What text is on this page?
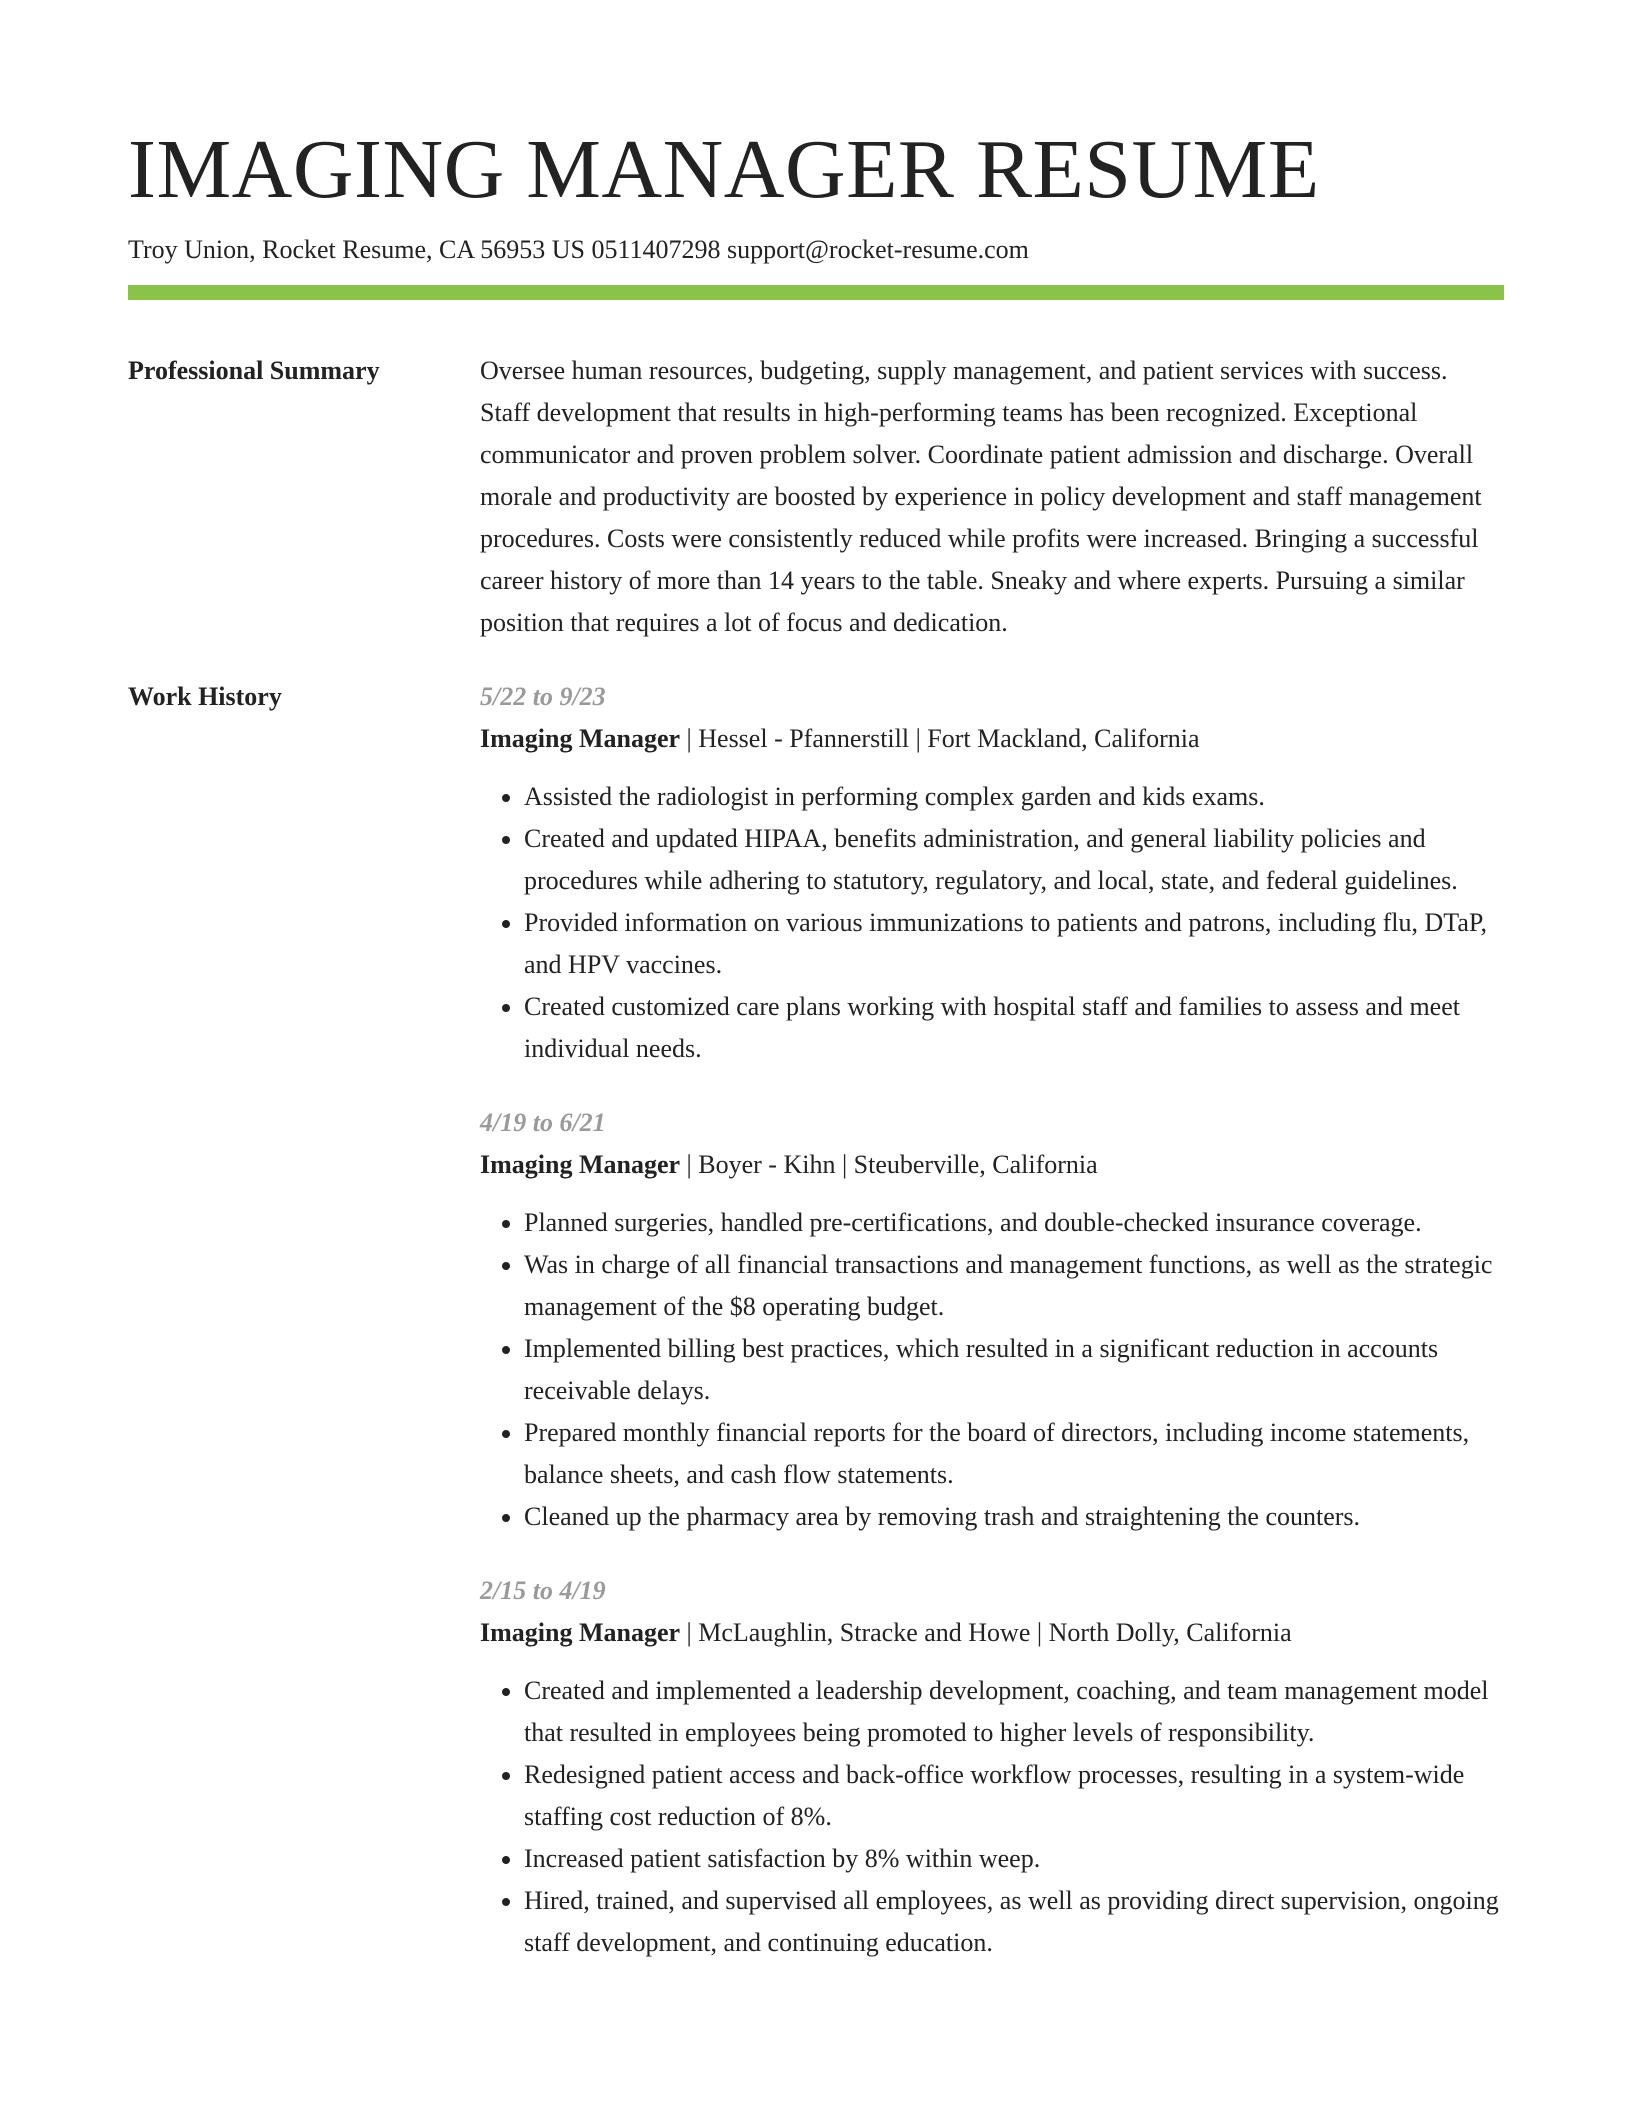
IMAGING MANAGER RESUME
Troy Union, Rocket Resume, CA 56953 US 0511407298 support@rocket-resume.com
Professional Summary	Oversee human resources, budgeting, supply management, and patient services with success. Staff development that results in high-performing teams has been recognized. Exceptional communicator and proven problem solver. Coordinate patient admission and discharge. Overall morale and productivity are boosted by experience in policy development and staff management procedures. Costs were consistently reduced while profits were increased. Bringing a successful career history of more than 14 years to the table. Sneaky and where experts. Pursuing a similar position that requires a lot of focus and dedication.

Work History	5/22 to 9/23
Imaging Manager | Hessel - Pfannerstill | Fort Mackland, California
• Assisted the radiologist in performing complex garden and kids exams.
• Created and updated HIPAA, benefits administration, and general liability policies and procedures while adhering to statutory, regulatory, and local, state, and federal guidelines.
• Provided information on various immunizations to patients and patrons, including flu, DTaP, and HPV vaccines.
• Created customized care plans working with hospital staff and families to assess and meet individual needs.
4/19 to 6/21
Imaging Manager | Boyer - Kihn | Steuberville, California
• Planned surgeries, handled pre-certifications, and double-checked insurance coverage.
• Was in charge of all financial transactions and management functions, as well as the strategic management of the $8 operating budget.
• Implemented billing best practices, which resulted in a significant reduction in accounts receivable delays.
• Prepared monthly financial reports for the board of directors, including income statements, balance sheets, and cash flow statements.
• Cleaned up the pharmacy area by removing trash and straightening the counters.
2/15 to 4/19
Imaging Manager | McLaughlin, Stracke and Howe | North Dolly, California
• Created and implemented a leadership development, coaching, and team management model that resulted in employees being promoted to higher levels of responsibility.
• Redesigned patient access and back-office workflow processes, resulting in a system-wide staffing cost reduction of 8%.
• Increased patient satisfaction by 8% within weep.
• Hired, trained, and supervised all employees, as well as providing direct supervision, ongoing staff development, and continuing education.
